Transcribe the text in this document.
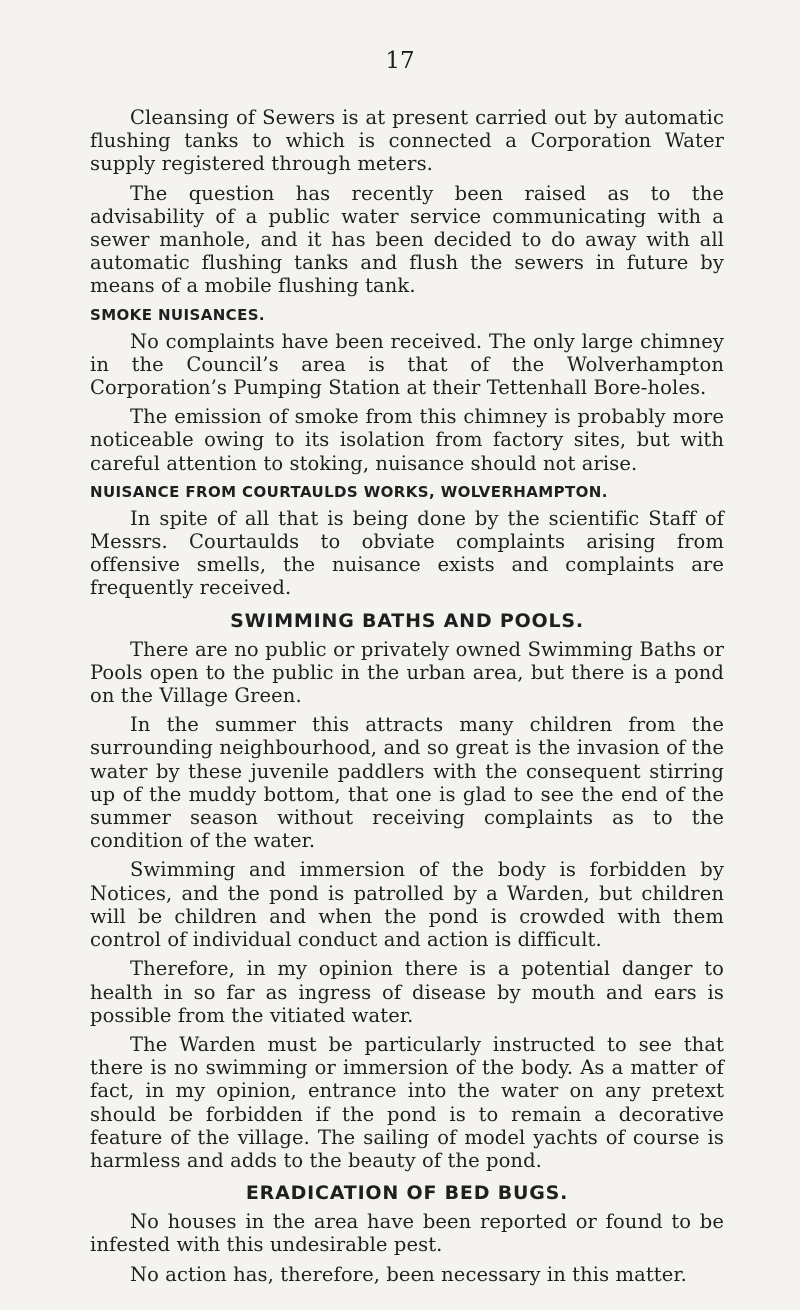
17

Cleansing of Sewers is at present carried out by automatic flushing tanks to which is connected a Corporation Water supply registered through meters.

The question has recently been raised as to the advisability of a public water service communicating with a sewer manhole, and it has been decided to do away with all automatic flushing tanks and flush the sewers in future by means of a mobile flushing tank.

SMOKE NUISANCES.

No complaints have been received. The only large chimney in the Council’s area is that of the Wolverhampton Corporation’s Pumping Station at their Tettenhall Bore-holes.

The emission of smoke from this chimney is probably more noticeable owing to its isolation from factory sites, but with careful attention to stoking, nuisance should not arise.

NUISANCE FROM COURTAULDS WORKS, WOLVERHAMPTON.

In spite of all that is being done by the scientific Staff of Messrs. Courtaulds to obviate complaints arising from offensive smells, the nuisance exists and complaints are frequently received.

SWIMMING BATHS AND POOLS.

There are no public or privately owned Swimming Baths or Pools open to the public in the urban area, but there is a pond on the Village Green.

In the summer this attracts many children from the surrounding neighbourhood, and so great is the invasion of the water by these juvenile paddlers with the consequent stirring up of the muddy bottom, that one is glad to see the end of the summer season without receiving complaints as to the condition of the water.

Swimming and immersion of the body is forbidden by Notices, and the pond is patrolled by a Warden, but children will be children and when the pond is crowded with them control of individual conduct and action is difficult.

Therefore, in my opinion there is a potential danger to health in so far as ingress of disease by mouth and ears is possible from the vitiated water.

The Warden must be particularly instructed to see that there is no swimming or immersion of the body. As a matter of fact, in my opinion, entrance into the water on any pretext should be forbidden if the pond is to remain a decorative feature of the village. The sailing of model yachts of course is harmless and adds to the beauty of the pond.

ERADICATION OF BED BUGS.

No houses in the area have been reported or found to be infested with this undesirable pest.

No action has, therefore, been necessary in this matter.
